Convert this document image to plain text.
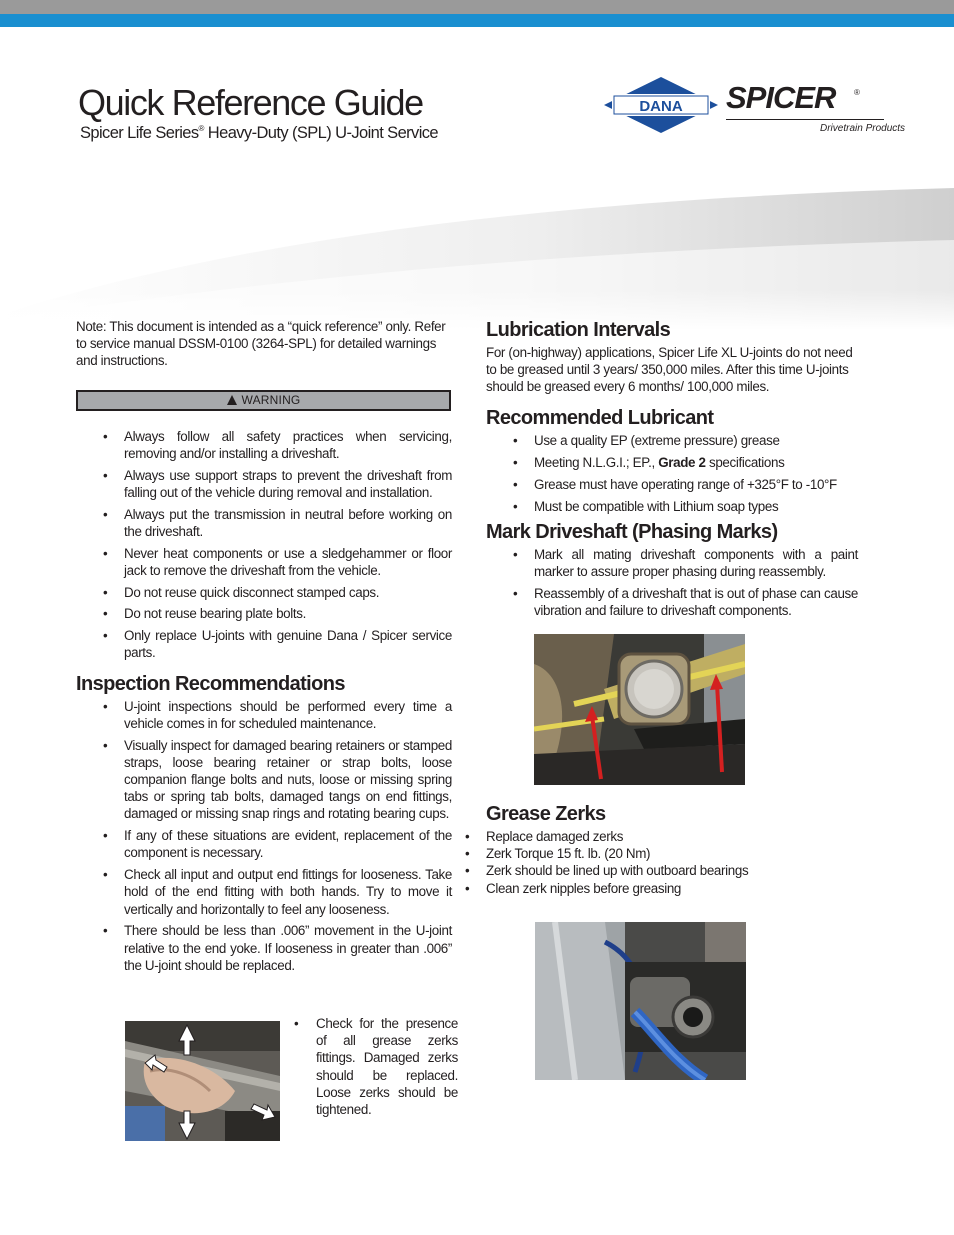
Quick Reference Guide
Spicer Life Series® Heavy-Duty (SPL) U-Joint Service
DANA SPICER ®
Drivetrain Products

Note: This document is intended as a “quick reference” only. Refer to service manual DSSM-0100 (3264-SPL) for detailed warnings and instructions.

WARNING
• Always follow all safety practices when servicing, removing and/or installing a driveshaft.
• Always use support straps to prevent the driveshaft from falling out of the vehicle during removal and installation.
• Always put the transmission in neutral before working on the driveshaft.
• Never heat components or use a sledgehammer or floor jack to remove the driveshaft from the vehicle.
• Do not reuse quick disconnect stamped caps.
• Do not reuse bearing plate bolts.
• Only replace U-joints with genuine Dana / Spicer service parts.
Inspection Recommendations
• U-joint inspections should be performed every time a vehicle comes in for scheduled maintenance.
• Visually inspect for damaged bearing retainers or stamped straps, loose bearing retainer or strap bolts, loose companion flange bolts and nuts, loose or missing spring tabs or spring tab bolts, damaged tangs on end fittings, damaged or missing snap rings and rotating bearing cups.
• If any of these situations are evident, replacement of the component is necessary.
• Check all input and output end fittings for looseness. Take hold of the end fitting with both hands. Try to move it vertically and horizontally to feel any looseness.
• There should be less than .006” movement in the U-joint relative to the end yoke. If looseness in greater than .006” the U-joint should be replaced.
• Check for the presence of all grease zerks fittings. Damaged zerks should be replaced. Loose zerks should be tightened.
Lubrication Intervals

For (on-highway) applications, Spicer Life XL U-joints do not need to be greased until 3 years/ 350,000 miles. After this time U-joints should be greased every 6 months/ 100,000 miles.

Recommended Lubricant
• Use a quality EP (extreme pressure) grease
• Meeting N.L.G.I.; EP., Grade 2 specifications
• Grease must have operating range of +325°F to -10°F
• Must be compatible with Lithium soap types
Mark Driveshaft (Phasing Marks)
• Mark all mating driveshaft components with a paint marker to assure proper phasing during reassembly.
• Reassembly of a driveshaft that is out of phase can cause vibration and failure to driveshaft components.
Grease Zerks
• Replace damaged zerks
• Zerk Torque 15 ft. lb. (20 Nm)
• Zerk should be lined up with outboard bearings
• Clean zerk nipples before greasing
